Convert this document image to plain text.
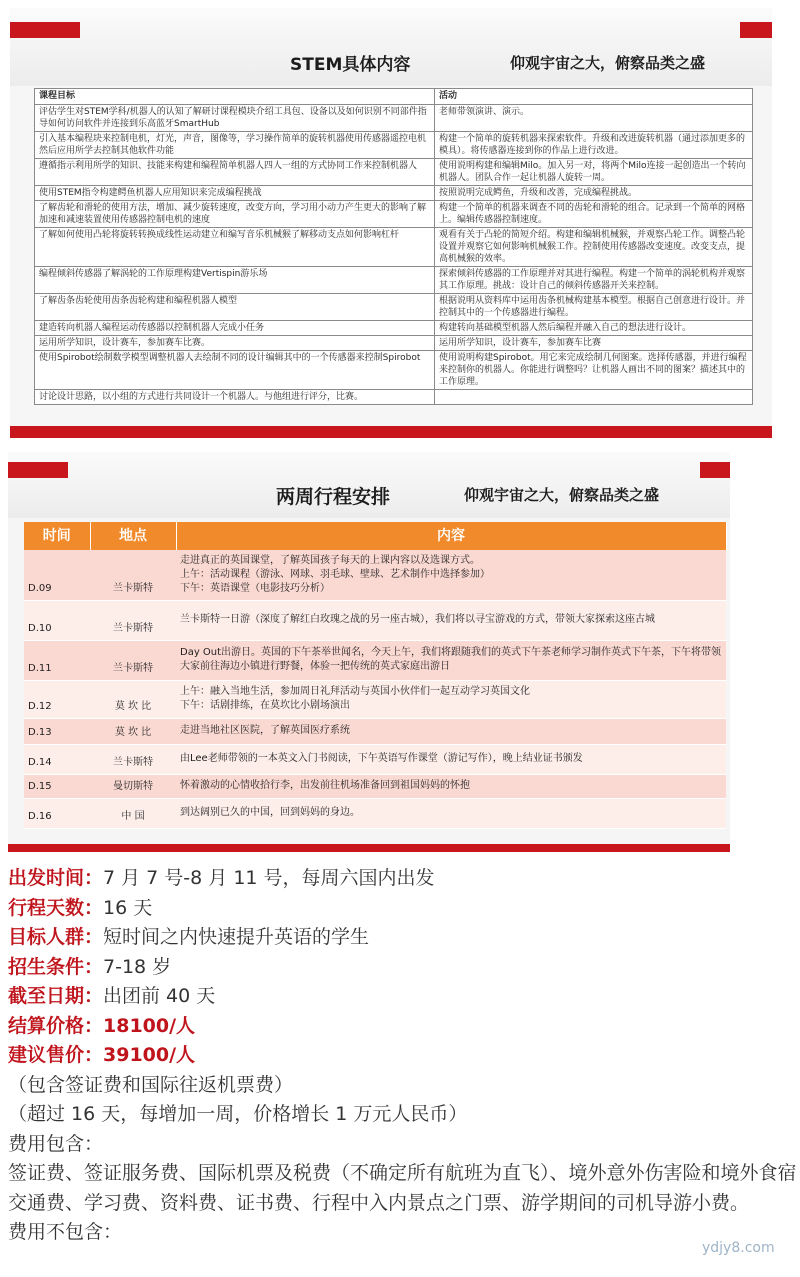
STEM具体内容	仰观宇宙之大，俯察品类之盛
课程目标	活动
评估学生对STEM学科/机器人的认知了解研讨课程模块介绍工具包、设备以及如何识别不同部件指导如何访问软件并连接到乐高蓝牙SmartHub	老师带领演讲、演示。
引入基本编程块来控制电机，灯光，声音，图像等，学习操作简单的旋转机器使用传感器遥控电机然后应用所学去控制其他软件功能	构建一个简单的旋转机器来探索软件。升级和改进旋转机器（通过添加更多的模具）。将传感器连接到你的作品上进行改进。
遵循指示利用所学的知识、技能来构建和编程简单机器人四人一组的方式协同工作来控制机器人	使用说明构建和编辑Milo。加入另一对，将两个Milo连接一起创造出一个转向机器人。团队合作一起让机器人旋转一周。
使用STEM指令构建鳄鱼机器人应用知识来完成编程挑战	按照说明完成鳄鱼，升级和改善，完成编程挑战。
了解齿轮和滑轮的使用方法，增加、减少旋转速度，改变方向，学习用小动力产生更大的影响了解加速和减速装置使用传感器控制电机的速度	构建一个简单的机器来调查不同的齿轮和滑轮的组合。记录到一个简单的网格上。编辑传感器控制速度。
了解如何使用凸轮将旋转转换成线性运动建立和编写音乐机械猴了解移动支点如何影响杠杆	观看有关于凸轮的简短介绍。构建和编辑机械猴，并观察凸轮工作。调整凸轮设置并观察它如何影响机械猴工作。控制使用传感器改变速度。改变支点，提高机械猴的效率。
编程倾斜传感器了解涡轮的工作原理构建Vertispin游乐场	探索倾斜传感器的工作原理并对其进行编程。构建一个简单的涡轮机构并观察其工作原理。挑战：设计自己的倾斜传感器开关来控制。
了解齿条齿轮使用齿条齿轮构建和编程机器人模型	根据说明从资料库中运用齿条机械构建基本模型。根据自己创意进行设计。并控制其中的一个传感器进行编程。
建造转向机器人编程运动传感器以控制机器人完成小任务	构建转向基础模型机器人然后编程并融入自己的想法进行设计。
运用所学知识，设计赛车，参加赛车比赛。	运用所学知识，设计赛车，参加赛车比赛
使用Spirobot绘制数学模型调整机器人去绘制不同的设计编辑其中的一个传感器来控制Spirobot	使用说明构建Spirobot。用它来完成绘制几何图案。选择传感器，并进行编程来控制你的机器人。你能进行调整吗？让机器人画出不同的图案？描述其中的工作原理。
讨论设计思路，以小组的方式进行共同设计一个机器人。与他组进行评分，比赛。	
两周行程安排	仰观宇宙之大，俯察品类之盛
时间	地点	内容
D.09	兰卡斯特	走进真正的英国课堂，了解英国孩子每天的上课内容以及选课方式。
上午：活动课程（游泳、网球、羽毛球、壁球、艺术制作中选择参加）
下午：英语课堂（电影技巧分析）

D.10	兰卡斯特	兰卡斯特一日游（深度了解红白玫瑰之战的另一座古城），我们将以寻宝游戏的方式，带领大家探索这座古城

D.11	兰卡斯特	Day Out出游日。英国的下午茶举世闻名，今天上午，我们将跟随我们的英式下午茶老师学习制作英式下午茶，下午将带领大家前往海边小镇进行野餐，体验一把传统的英式家庭出游日

D.12	莫 坎 比	上午：融入当地生活，参加周日礼拜活动与英国小伙伴们一起互动学习英国文化
下午：话剧排练，在莫坎比小剧场演出

D.13	莫 坎 比	走进当地社区医院，了解英国医疗系统

D.14	兰卡斯特	由Lee老师带领的一本英文入门书阅读，下午英语写作课堂（游记写作），晚上结业证书颁发

D.15	曼切斯特	怀着激动的心情收拾行李，出发前往机场准备回到祖国妈妈的怀抱

D.16	中 国	到达阔别已久的中国，回到妈妈的身边。
出发时间：7 月 7 号-8 月 11 号，每周六国内出发
行程天数：16 天
目标人群：短时间之内快速提升英语的学生
招生条件：7-18 岁
截至日期：出团前 40 天
结算价格：18100/人
建议售价：39100/人
（包含签证费和国际往返机票费）
（超过 16 天，每增加一周，价格增长 1 万元人民币）
费用包含：
签证费、签证服务费、国际机票及税费（不确定所有航班为直飞）、境外意外伤害险和境外食宿交通费、学习费、资料费、证书费、行程中入内景点之门票、游学期间的司机导游小费。
费用不包含：
ydjy8.com
